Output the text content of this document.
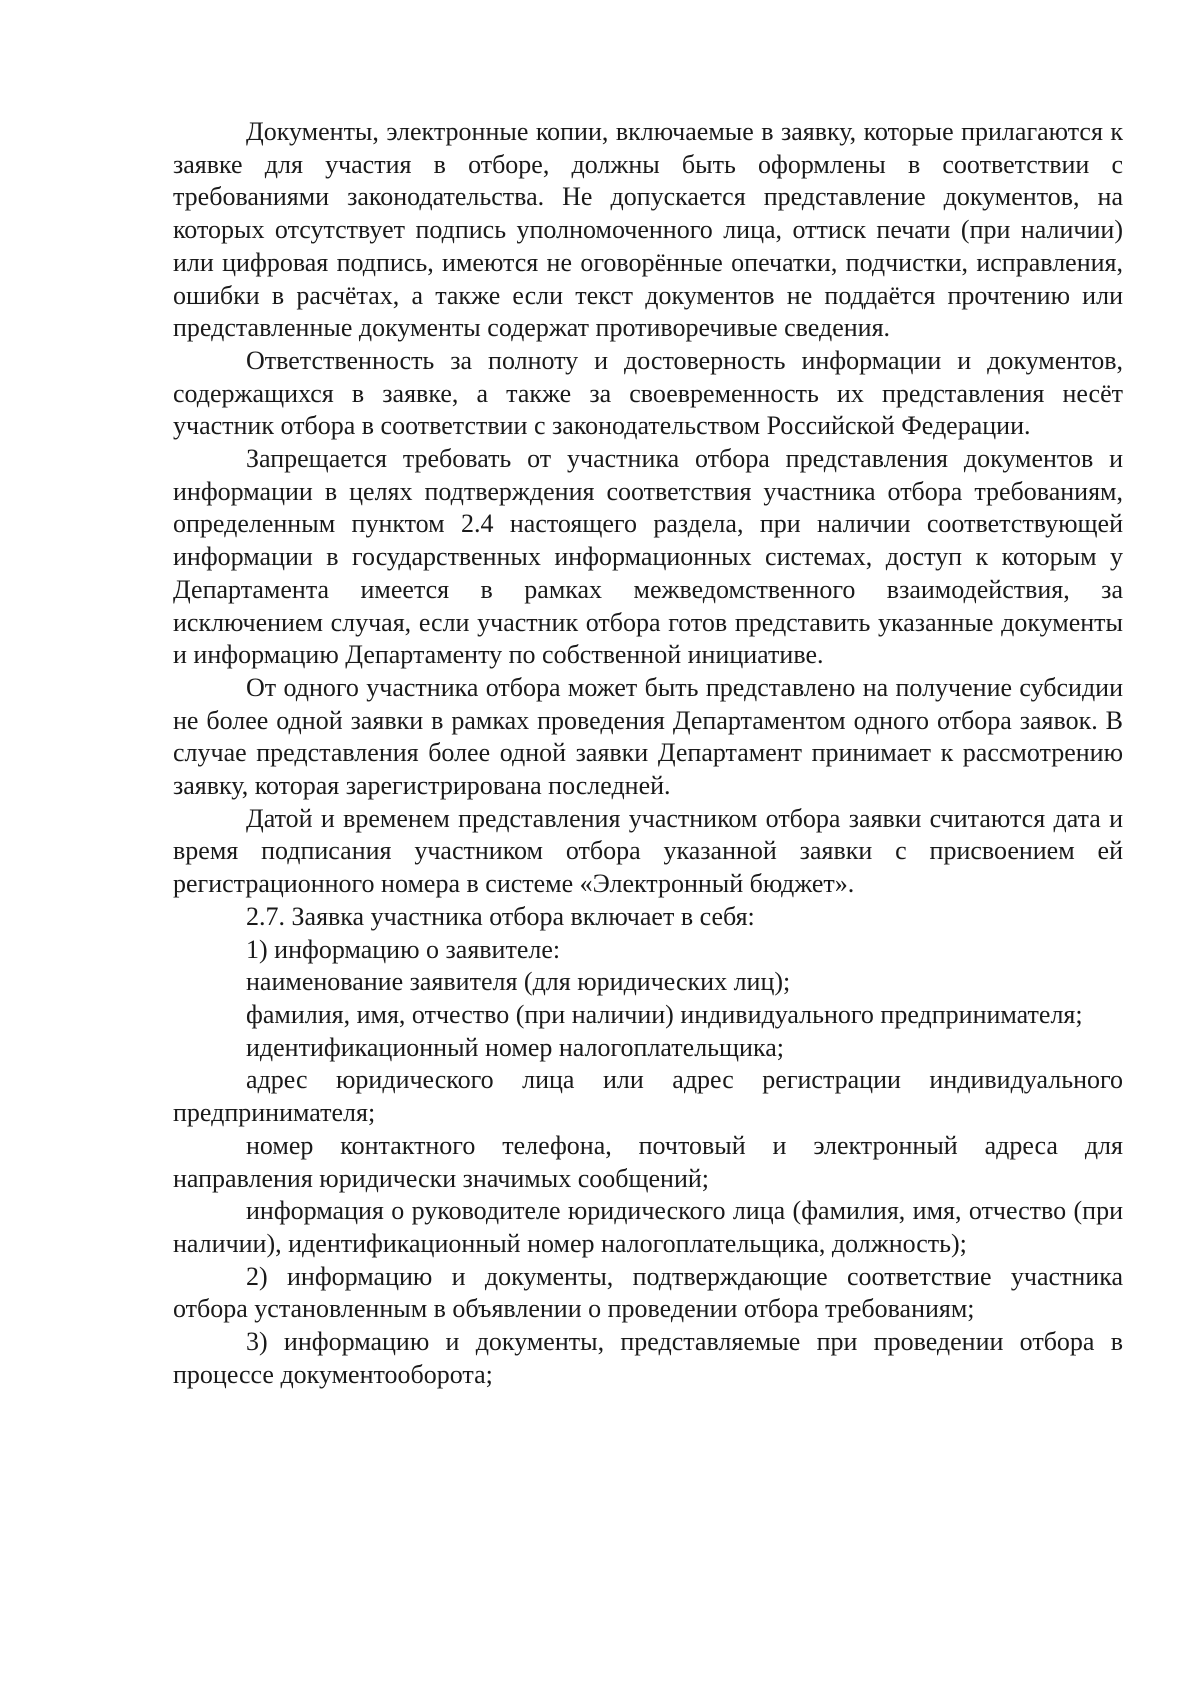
Документы, электронные копии, включаемые в заявку, которые прилагаются к заявке для участия в отборе, должны быть оформлены в соответствии с требованиями законодательства. Не допускается представление документов, на которых отсутствует подпись уполномоченного лица, оттиск печати (при наличии) или цифровая подпись, имеются не оговорённые опечатки, подчистки, исправления, ошибки в расчётах, а также если текст документов не поддаётся прочтению или представленные документы содержат противоречивые сведения.

Ответственность за полноту и достоверность информации и документов, содержащихся в заявке, а также за своевременность их представления несёт участник отбора в соответствии с законодательством Российской Федерации.

Запрещается требовать от участника отбора представления документов и информации в целях подтверждения соответствия участника отбора требованиям, определенным пунктом 2.4 настоящего раздела, при наличии соответствующей информации в государственных информационных системах, доступ к которым у Департамента имеется в рамках межведомственного взаимодействия, за исключением случая, если участник отбора готов представить указанные документы и информацию Департаменту по собственной инициативе.

От одного участника отбора может быть представлено на получение субсидии не более одной заявки в рамках проведения Департаментом одного отбора заявок. В случае представления более одной заявки Департамент принимает к рассмотрению заявку, которая зарегистрирована последней.

Датой и временем представления участником отбора заявки считаются дата и время подписания участником отбора указанной заявки с присвоением ей регистрационного номера в системе «Электронный бюджет».

2.7. Заявка участника отбора включает в себя:

1) информацию о заявителе:

наименование заявителя (для юридических лиц);

фамилия, имя, отчество (при наличии) индивидуального предпринимателя;

идентификационный номер налогоплательщика;

адрес юридического лица или адрес регистрации индивидуального предпринимателя;

номер контактного телефона, почтовый и электронный адреса для направления юридически значимых сообщений;

информация о руководителе юридического лица (фамилия, имя, отчество (при наличии), идентификационный номер налогоплательщика, должность);

2) информацию и документы, подтверждающие соответствие участника отбора установленным в объявлении о проведении отбора требованиям;

3) информацию и документы, представляемые при проведении отбора в процессе документооборота;
